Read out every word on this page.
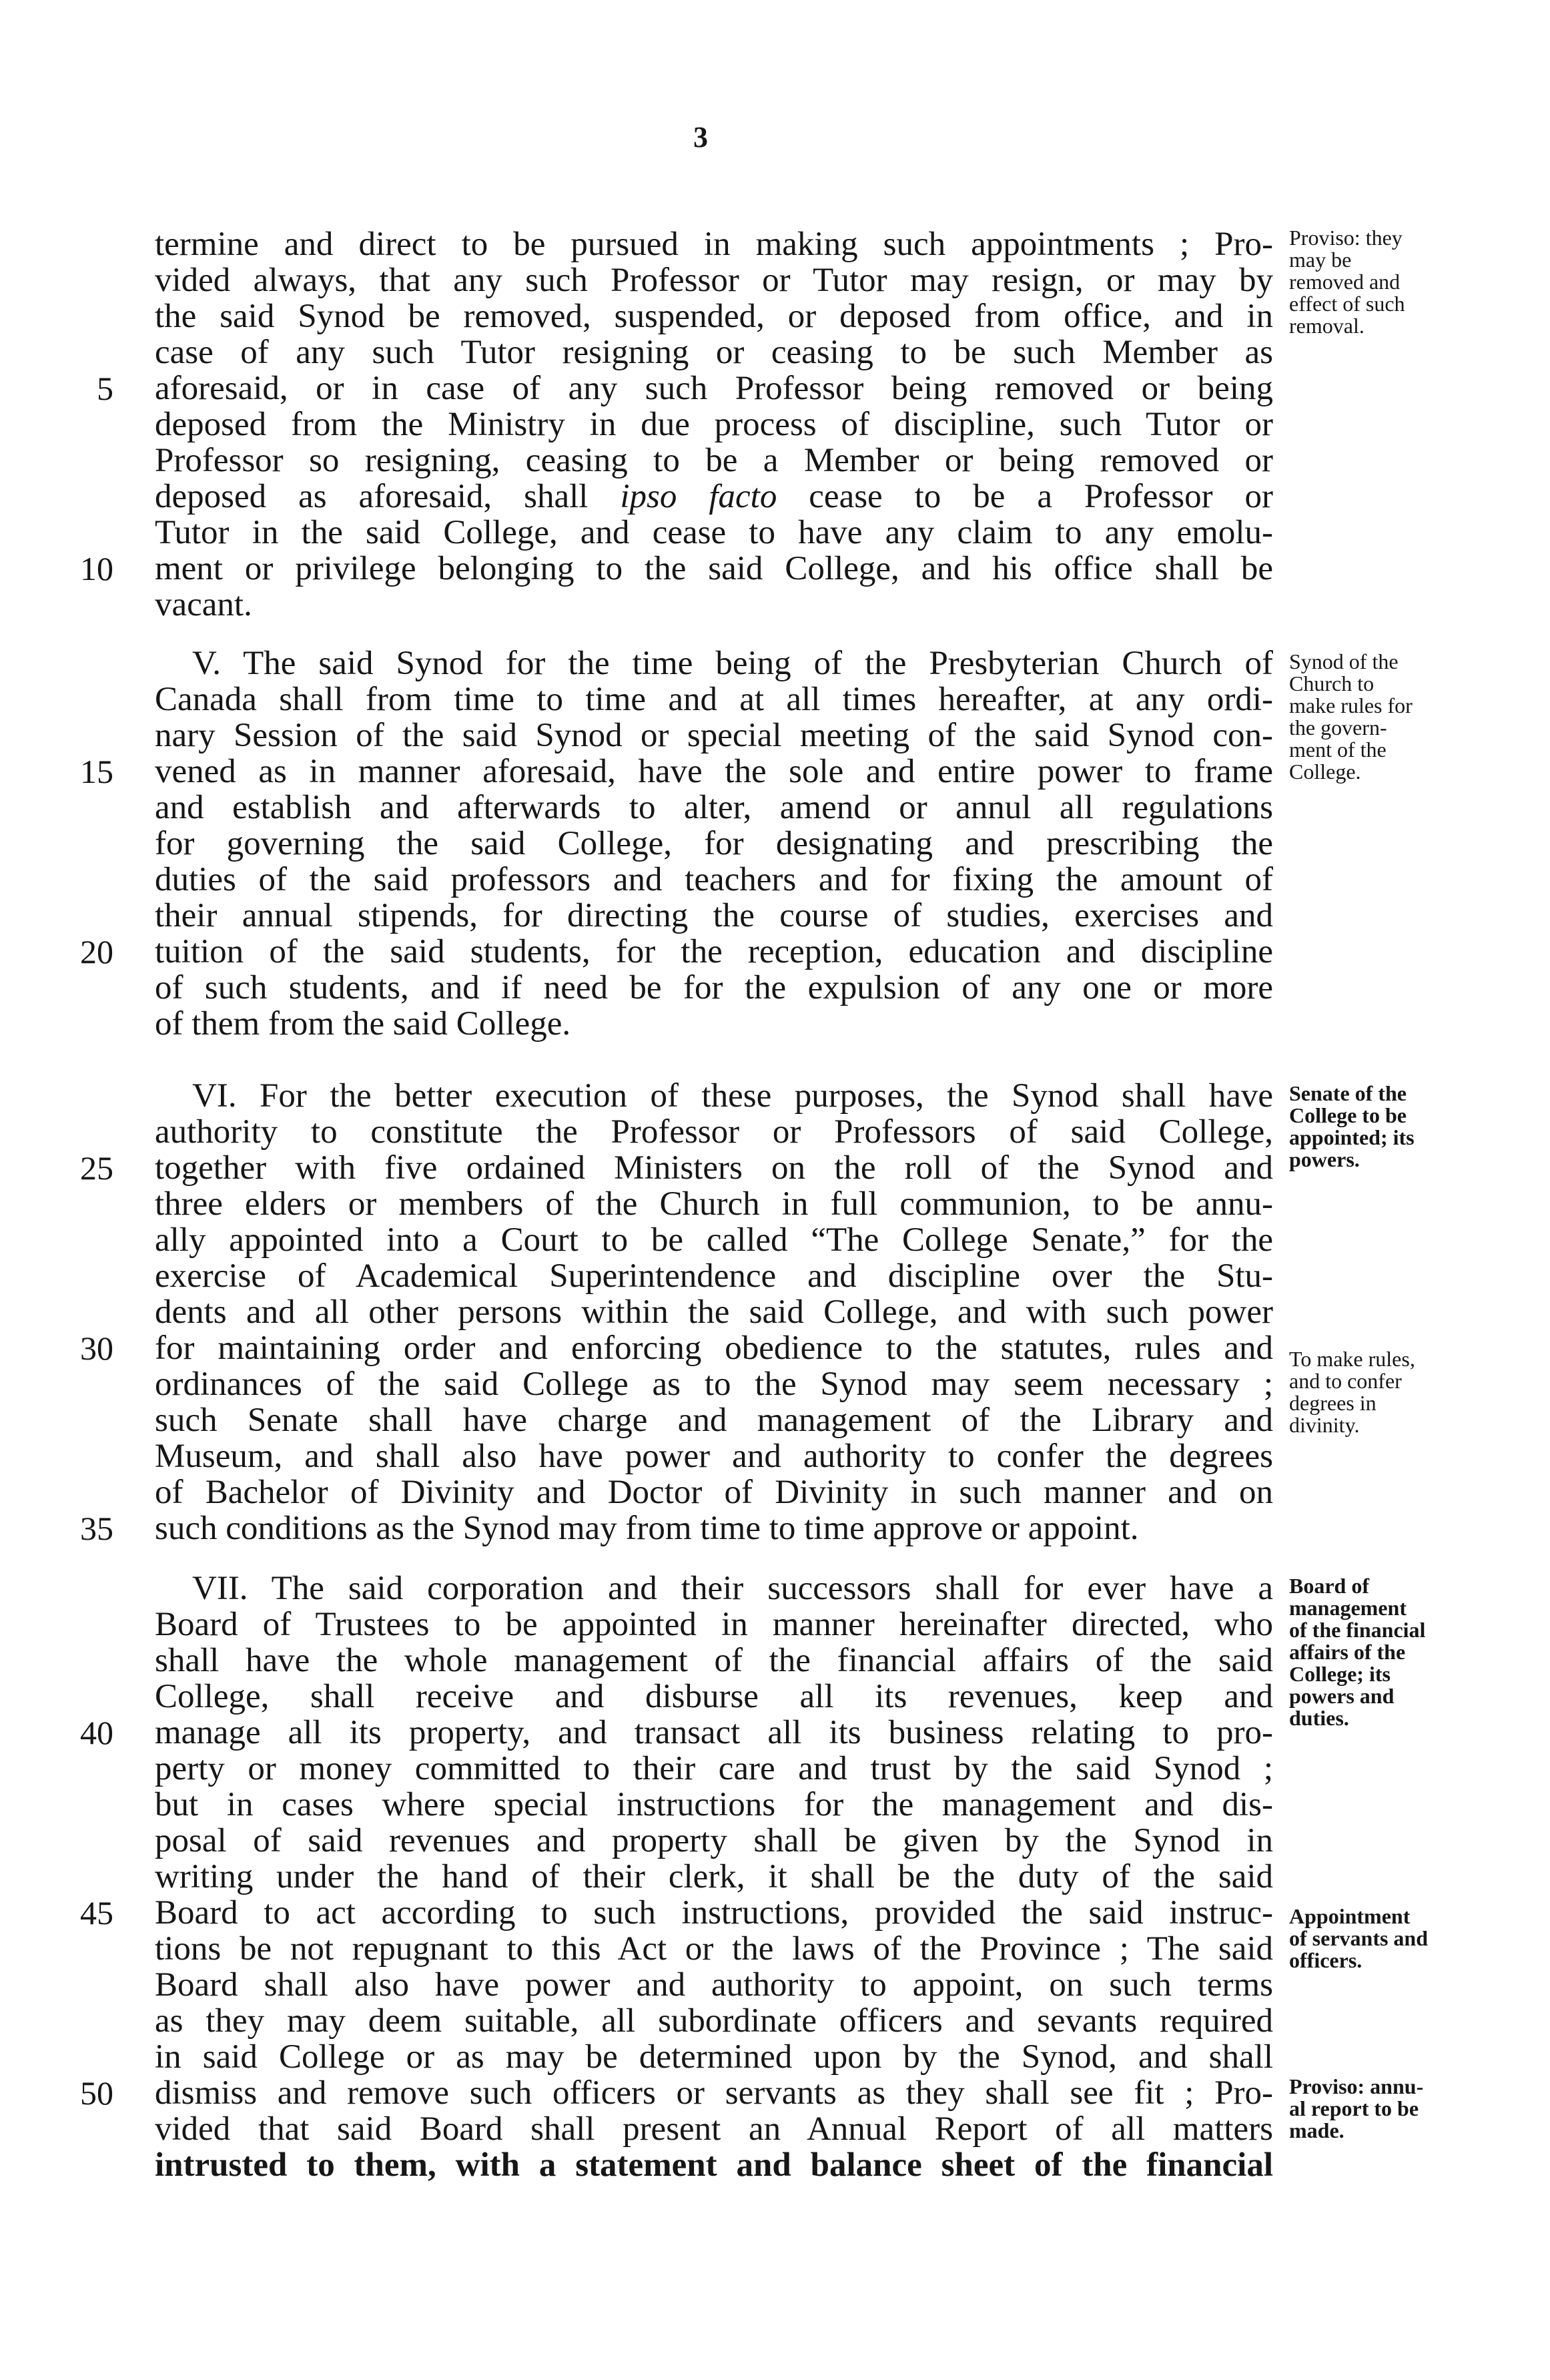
3
termine and direct to be pursued in making such appointments ; Pro-
vided always, that any such Professor or Tutor may resign, or may by
the said Synod be removed, suspended, or deposed from office, and in
case of any such Tutor resigning or ceasing to be such Member as
aforesaid, or in case of any such Professor being removed or being
deposed from the Ministry in due process of discipline, such Tutor or
Professor so resigning, ceasing to be a Member or being removed or
deposed as aforesaid, shall ipso facto cease to be a Professor or
Tutor in the said College, and cease to have any claim to any emolu-
ment or privilege belonging to the said College, and his office shall be
vacant.
V. The said Synod for the time being of the Presbyterian Church of
Canada shall from time to time and at all times hereafter, at any ordi-
nary Session of the said Synod or special meeting of the said Synod con-
vened as in manner aforesaid, have the sole and entire power to frame
and establish and afterwards to alter, amend or annul all regulations
for governing the said College, for designating and prescribing the
duties of the said professors and teachers and for fixing the amount of
their annual stipends, for directing the course of studies, exercises and
tuition of the said students, for the reception, education and discipline
of such students, and if need be for the expulsion of any one or more
of them from the said College.
VI. For the better execution of these purposes, the Synod shall have
authority to constitute the Professor or Professors of said College,
together with five ordained Ministers on the roll of the Synod and
three elders or members of the Church in full communion, to be annu-
ally appointed into a Court to be called “The College Senate,” for the
exercise of Academical Superintendence and discipline over the Stu-
dents and all other persons within the said College, and with such power
for maintaining order and enforcing obedience to the statutes, rules and
ordinances of the said College as to the Synod may seem necessary ;
such Senate shall have charge and management of the Library and
Museum, and shall also have power and authority to confer the degrees
of Bachelor of Divinity and Doctor of Divinity in such manner and on
such conditions as the Synod may from time to time approve or appoint.
VII. The said corporation and their successors shall for ever have a
Board of Trustees to be appointed in manner hereinafter directed, who
shall have the whole management of the financial affairs of the said
College, shall receive and disburse all its revenues, keep and
manage all its property, and transact all its business relating to pro-
perty or money committed to their care and trust by the said Synod ;
but in cases where special instructions for the management and dis-
posal of said revenues and property shall be given by the Synod in
writing under the hand of their clerk, it shall be the duty of the said
Board to act according to such instructions, provided the said instruc-
tions be not repugnant to this Act or the laws of the Province ; The said
Board shall also have power and authority to appoint, on such terms
as they may deem suitable, all subordinate officers and sevants required
in said College or as may be determined upon by the Synod, and shall
dismiss and remove such officers or servants as they shall see fit ; Pro-
vided that said Board shall present an Annual Report of all matters
intrusted to them, with a statement and balance sheet of the financial
5
10
15
20
25
30
35
40
45
50
Proviso: they
may be
removed and
effect of such
removal.
Synod of the
Church to
make rules for
the govern-
ment of the
College.
Senate of the
College to be
appointed; its
powers.
To make rules,
and to confer
degrees in
divinity.
Board of
management
of the financial
affairs of the
College; its
powers and
duties.
Appointment
of servants and
officers.
Proviso: annu-
al report to be
made.
